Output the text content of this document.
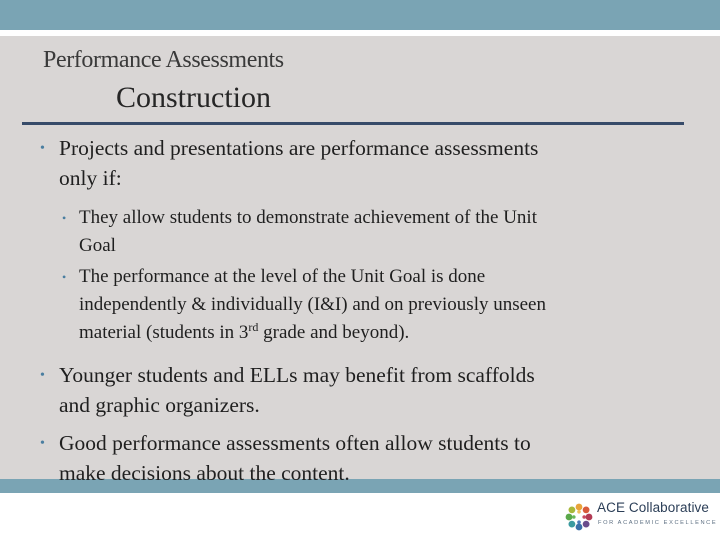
Performance Assessments
Construction
• Projects and presentations are performance assessments
only if:
• They allow students to demonstrate achievement of the Unit
Goal
• The performance at the level of the Unit Goal is done
independently & individually (I&I) and on previously unseen
material (students in 3rd grade and beyond).
• Younger students and ELLs may benefit from scaffolds
and graphic organizers.
• Good performance assessments often allow students to
make decisions about the content.
ACE Collaborative
FOR ACADEMIC EXCELLENCE
